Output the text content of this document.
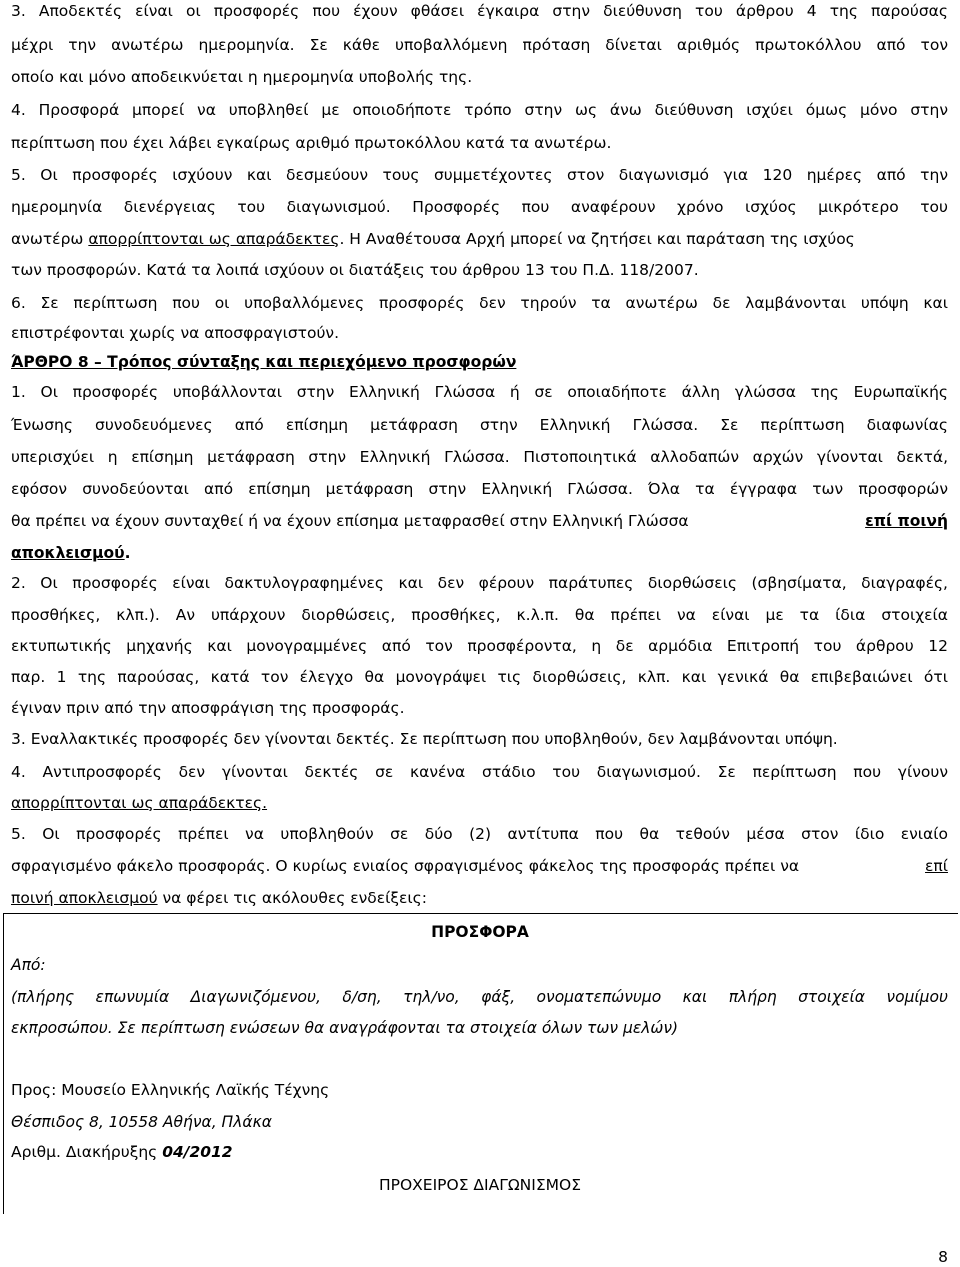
3. Αποδεκτές είναι οι προσφορές που έχουν φθάσει έγκαιρα στην διεύθυνση του άρθρου 4 της παρούσας
μέχρι την ανωτέρω ημερομηνία. Σε κάθε υποβαλλόμενη πρόταση δίνεται αριθμός πρωτοκόλλου από τον
οποίο και μόνο αποδεικνύεται η ημερομηνία υποβολής της.
4. Προσφορά μπορεί να υποβληθεί με οποιοδήποτε τρόπο στην ως άνω διεύθυνση ισχύει όμως μόνο στην
περίπτωση που έχει λάβει εγκαίρως αριθμό πρωτοκόλλου κατά τα ανωτέρω.
5. Οι προσφορές ισχύουν και δεσμεύουν τους συμμετέχοντες στον διαγωνισμό για 120 ημέρες από την
ημερομηνία διενέργειας του διαγωνισμού. Προσφορές που αναφέρουν χρόνο ισχύος μικρότερο του
ανωτέρω απορρίπτονται ως απαράδεκτες. Η Αναθέτουσα Αρχή μπορεί να ζητήσει και παράταση της ισχύος
των προσφορών. Κατά τα λοιπά ισχύουν οι διατάξεις του άρθρου 13 του Π.Δ. 118/2007.
6. Σε περίπτωση που οι υποβαλλόμενες προσφορές δεν τηρούν τα ανωτέρω δε λαμβάνονται υπόψη και
επιστρέφονται χωρίς να αποσφραγιστούν.
ΆΡΘΡΟ 8 – Τρόπος σύνταξης και περιεχόμενο προσφορών
1. Οι προσφορές υποβάλλονται στην Ελληνική Γλώσσα ή σε οποιαδήποτε άλλη γλώσσα της Ευρωπαϊκής
Ένωσης συνοδευόμενες από επίσημη μετάφραση στην Ελληνική Γλώσσα. Σε περίπτωση διαφωνίας
υπερισχύει η επίσημη μετάφραση στην Ελληνική Γλώσσα. Πιστοποιητικά αλλοδαπών αρχών γίνονται δεκτά,
εφόσον συνοδεύονται από επίσημη μετάφραση στην Ελληνική Γλώσσα. Όλα τα έγγραφα των προσφορών
θα πρέπει να έχουν συνταχθεί ή να έχουν επίσημα μεταφρασθεί στην Ελληνική Γλώσσα	επί ποινή
αποκλεισμού.
2. Οι προσφορές είναι δακτυλογραφημένες και δεν φέρουν παράτυπες διορθώσεις (σβησίματα, διαγραφές,
προσθήκες, κλπ.). Αν υπάρχουν διορθώσεις, προσθήκες, κ.λ.π. θα πρέπει να είναι με τα ίδια στοιχεία
εκτυπωτικής μηχανής και μονογραμμένες από τον προσφέροντα, η δε αρμόδια Επιτροπή του άρθρου 12
παρ. 1 της παρούσας, κατά τον έλεγχο θα μονογράψει τις διορθώσεις, κλπ. και γενικά θα επιβεβαιώνει ότι
έγιναν πριν από την αποσφράγιση της προσφοράς.
3. Εναλλακτικές προσφορές δεν γίνονται δεκτές. Σε περίπτωση που υποβληθούν, δεν λαμβάνονται υπόψη.
4. Αντιπροσφορές δεν γίνονται δεκτές σε κανένα στάδιο του διαγωνισμού. Σε περίπτωση που γίνουν
απορρίπτονται ως απαράδεκτες.
5. Οι προσφορές πρέπει να υποβληθούν σε δύο (2) αντίτυπα που θα τεθούν μέσα στον ίδιο ενιαίο
σφραγισμένο φάκελο προσφοράς. Ο κυρίως ενιαίος σφραγισμένος φάκελος της προσφοράς πρέπει να	επί
ποινή αποκλεισμού να φέρει τις ακόλουθες ενδείξεις:
ΠΡΟΣΦΟΡΑ
Από:
(πλήρης επωνυμία Διαγωνιζόμενου, δ/ση, τηλ/νο, φάξ, ονοματεπώνυμο και πλήρη στοιχεία νομίμου
εκπροσώπου. Σε περίπτωση ενώσεων θα αναγράφονται τα στοιχεία όλων των μελών)
Προς: Μουσείο Ελληνικής Λαϊκής Τέχνης
Θέσπιδος 8, 10558 Αθήνα, Πλάκα
Αριθμ. Διακήρυξης 04/2012
ΠΡΟΧΕΙΡΟΣ ΔΙΑΓΩΝΙΣΜΟΣ
8
